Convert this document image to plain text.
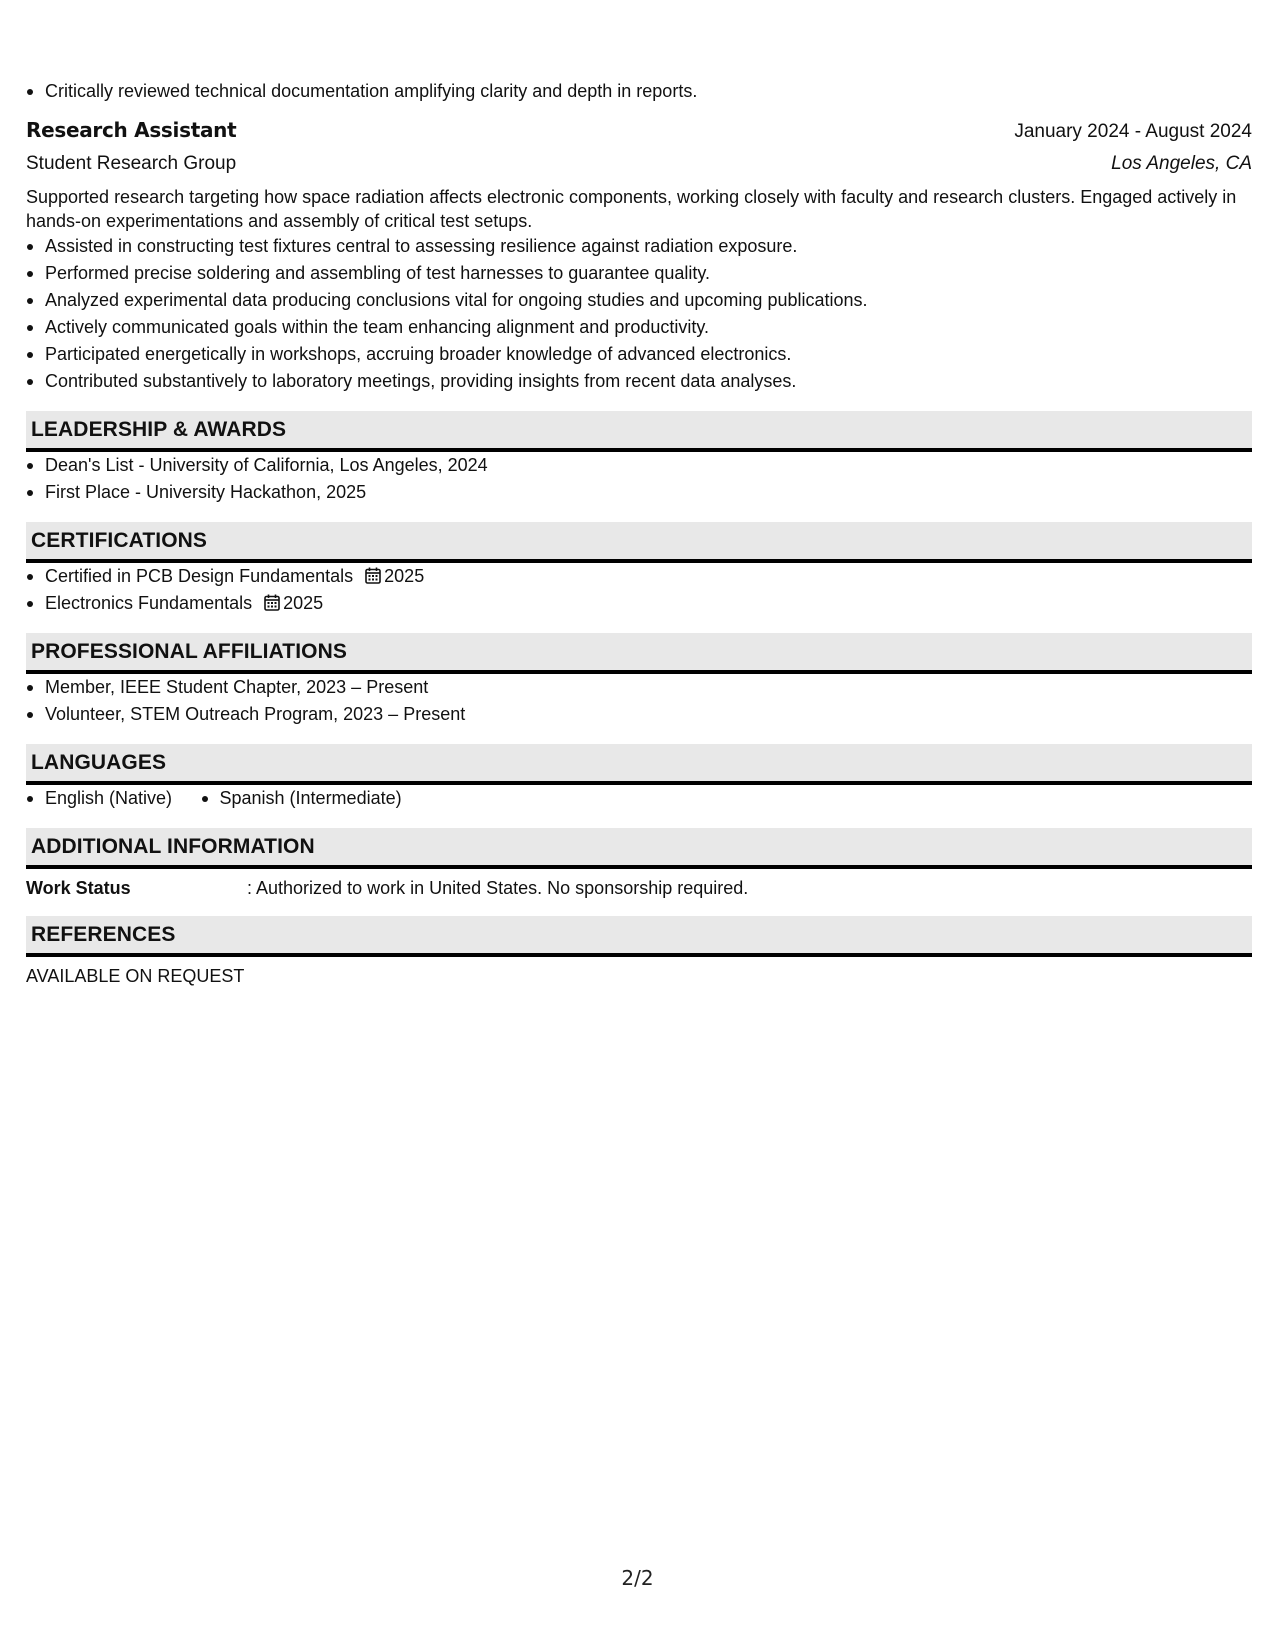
Critically reviewed technical documentation amplifying clarity and depth in reports.
Research Assistant	January 2024 - August 2024
Student Research Group	Los Angeles, CA
Supported research targeting how space radiation affects electronic components, working closely with faculty and research clusters. Engaged actively in hands-on experimentations and assembly of critical test setups.
Assisted in constructing test fixtures central to assessing resilience against radiation exposure.
Performed precise soldering and assembling of test harnesses to guarantee quality.
Analyzed experimental data producing conclusions vital for ongoing studies and upcoming publications.
Actively communicated goals within the team enhancing alignment and productivity.
Participated energetically in workshops, accruing broader knowledge of advanced electronics.
Contributed substantively to laboratory meetings, providing insights from recent data analyses.
LEADERSHIP & AWARDS
Dean's List - University of California, Los Angeles, 2024
First Place - University Hackathon, 2025
CERTIFICATIONS
Certified in PCB Design Fundamentals 2025
Electronics Fundamentals 2025
PROFESSIONAL AFFILIATIONS
Member, IEEE Student Chapter, 2023 – Present
Volunteer, STEM Outreach Program, 2023 – Present
LANGUAGES
English (Native)	Spanish (Intermediate)
ADDITIONAL INFORMATION
Work Status	: Authorized to work in United States. No sponsorship required.
REFERENCES
AVAILABLE ON REQUEST
2/2
